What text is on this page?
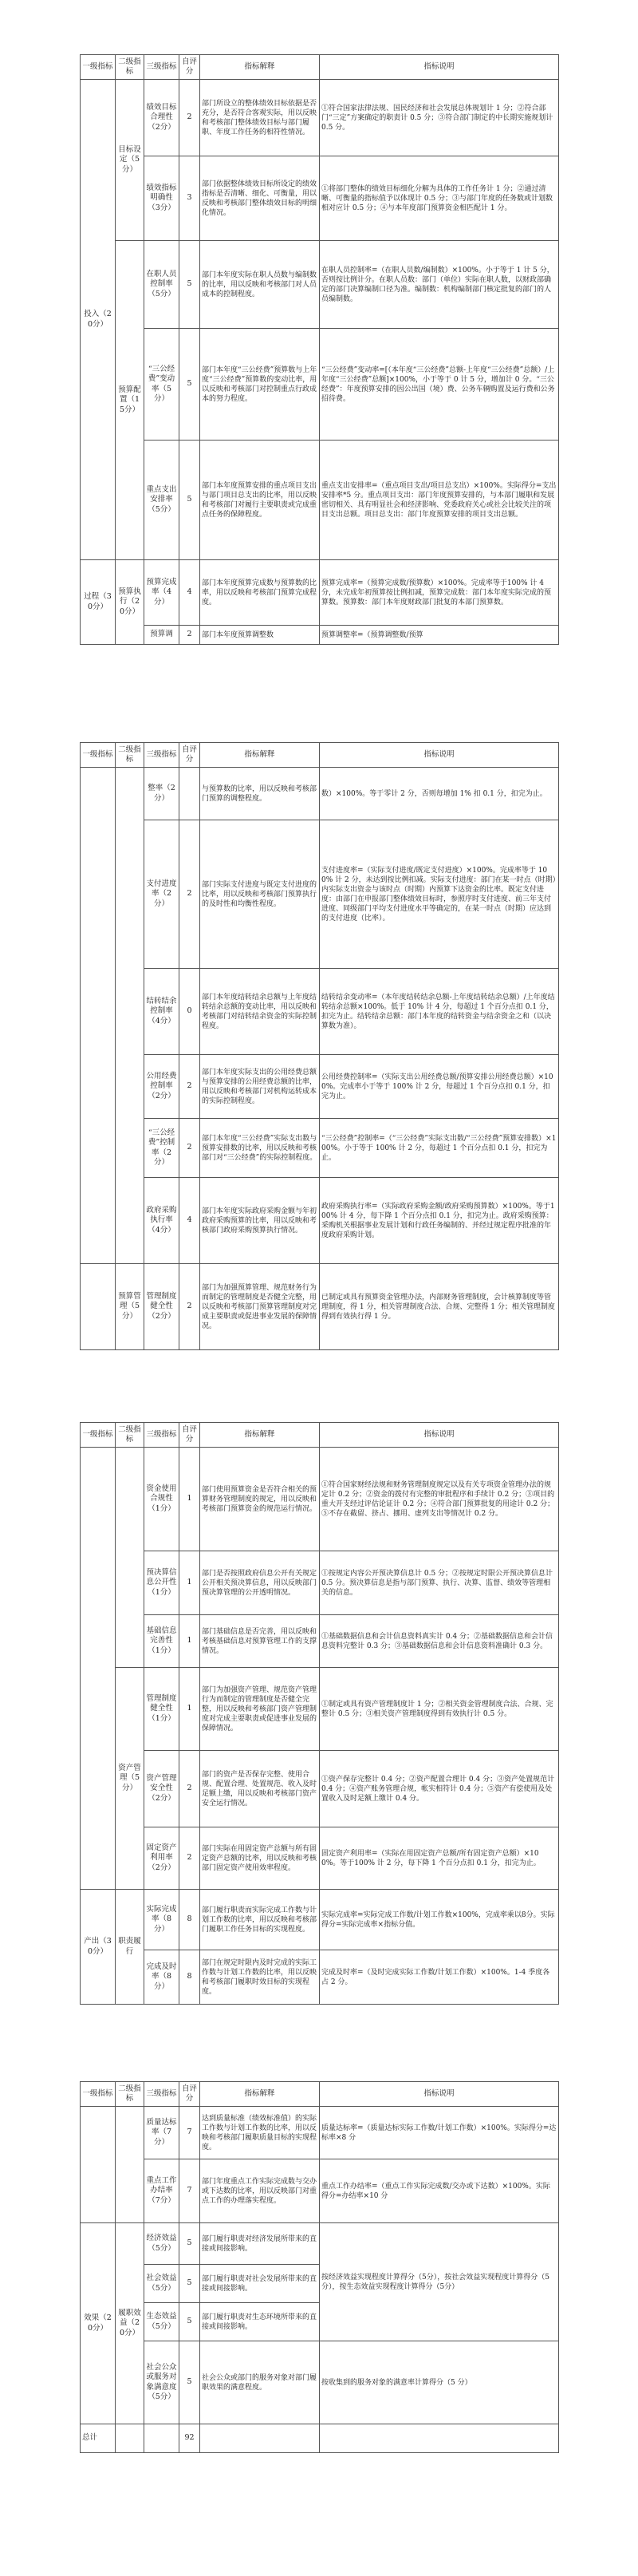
一级指标	二级指标	三级指标	自评分	指标解释	指标说明
投入（20分）	目标设定（5分）	绩效目标合理性（2分）	2	部门所设立的整体绩效目标依据是否充分，是否符合客观实际，用以反映和考核部门整体绩效目标与部门履职、年度工作任务的相符性情况。	①符合国家法律法规、国民经济和社会发展总体规划计 1 分；②符合部门“三定”方案确定的职责计 0.5 分；③符合部门制定的中长期实施规划计 0.5 分。
		绩效指标明确性（3分）	3	部门依据整体绩效目标所设定的绩效指标是否清晰、细化、可衡量，用以反映和考核部门整体绩效目标的明细化情况。	①将部门整体的绩效目标细化分解为具体的工作任务计 1 分；②通过清晰、可衡量的指标值予以体现计 0.5 分；③与部门年度的任务数或计划数相对应计 0.5 分；④与本年度部门预算资金相匹配计 1 分。
	预算配置（15分）	在职人员控制率（5分）	5	部门本年度实际在职人员数与编制数的比率，用以反映和考核部门对人员成本的控制程度。	在职人员控制率=（在职人员数/编制数）×100%。小于等于 1 计 5 分，否则按比例计分。在职人员数：部门（单位）实际在职人数，以财政部确定的部门决算编制口径为准。编制数：机构编制部门核定批复的部门的人员编制数。
		“三公经费”变动率（5分）	5	部门本年度“三公经费”预算数与上年度“三公经费”预算数的变动比率，用以反映和考核部门对控制重点行政成本的努力程度。	“三公经费”变动率=[（本年度“三公经费”总额-上年度“三公经费”总额）/上年度“三公经费”总额]×100%，小于等于 0 计 5 分，增加计 0 分。“三公经费”：年度预算安排的因公出国（境）费、公务车辆购置及运行费和公务招待费。
		重点支出安排率（5分）	5	部门本年度预算安排的重点项目支出与部门项目总支出的比率，用以反映和考核部门对履行主要职责或完成重点任务的保障程度。	重点支出安排率=（重点项目支出/项目总支出）×100%。实际得分=支出安排率*5 分。重点项目支出：部门年度预算安排的，与本部门履职和发展密切相关、具有明显社会和经济影响、党委政府关心或社会比较关注的项目支出总额。项目总支出：部门年度预算安排的项目支出总额。
过程（30分）	预算执行（20分）	预算完成率（4分）	4	部门本年度预算完成数与预算数的比率，用以反映和考核部门预算完成程度。	预算完成率=（预算完成数/预算数）×100%。完成率等于100% 计 4 分，未完成年初预算按比例扣减，预算完成数：部门本年度实际完成的预算数。预算数：部门本年度财政部门批复的本部门预算数。
		预算调	2	部门本年度预算调整数	预算调整率=（预算调整数/预算
一级指标	二级指标	三级指标	自评分	指标解释	指标说明
		整率（2分）		与预算数的比率，用以反映和考核部门预算的调整程度。	数）×100%。等于零计 2 分，否则每增加 1% 扣 0.1 分，扣完为止。
		支付进度率（2分）	2	部门实际支付进度与既定支付进度的比率，用以反映和考核部门预算执行的及时性和均衡性程度。	支付进度率=（实际支付进度/既定支付进度）×100%。完成率等于 100% 计 2 分，未达到按比例扣减。实际支付进度：部门在某一时点（时期）内实际支出资金与该时点（时期）内预算下达资金的比率。既定支付进度：由部门在申报部门整体绩效目标时，参照序时支付进度、前三年支付进度、同级部门平均支付进度水平等确定的，在某一时点（时期）应达到的支付进度（比率）。
		结转结余控制率（4分）	0	部门本年度结转结余总额与上年度结转结余总额的变动比率，用以反映和考核部门对结转结余资金的实际控制程度。	结转结余变动率=（本年度结转结余总额-上年度结转结余总额）/上年度结转结余总额×100%。低于 10% 计 4 分，每超过 1 个百分点扣 0.1 分，扣完为止。结转结余总额：部门本年度的结转资金与结余资金之和（以决算数为准）。
		公用经费控制率（2分）	2	部门本年度实际支出的公用经费总额与预算安排的公用经费总额的比率，用以反映和考核部门对机构运转成本的实际控制程度。	公用经费控制率=（实际支出公用经费总额/预算安排公用经费总额）×100%。完成率小于等于 100% 计 2 分，每超过 1 个百分点扣 0.1 分，扣完为止。
		“三公经费”控制率（2分）	2	部门本年度“三公经费”实际支出数与预算安排数的比率，用以反映和考核部门对“三公经费”的实际控制程度。	“三公经费”控制率=（“三公经费”实际支出数/“三公经费”预算安排数）×100%。小于等于 100% 计 2 分，每超过 1 个百分点扣 0.1 分，扣完为止。
		政府采购执行率（4分）	4	部门本年度实际政府采购金额与年初政府采购预算的比率，用以反映和考核部门政府采购预算执行情况。	政府采购执行率=（实际政府采购金额/政府采购预算数）×100%。等于100% 计 4 分，每下降 1 个百分点扣 0.1 分，扣完为止。政府采购预算：采购机关根据事业发展计划和行政任务编制的、并经过规定程序批准的年度政府采购计划。
	预算管理（5分）	管理制度健全性（2分）	2	部门为加强预算管理、规范财务行为而制定的管理制度是否健全完整，用以反映和考核部门预算管理制度对完成主要职责或促进事业发展的保障情况。	已制定或具有预算资金管理办法，内部财务管理制度，会计核算制度等管理制度，得 1 分，相关管理制度合法、合规、完整得 1 分；相关管理制度得到有效执行得 1 分。
一级指标	二级指标	三级指标	自评分	指标解释	指标说明
		资金使用合规性（1分）	1	部门使用预算资金是否符合相关的预算财务管理制度的规定，用以反映和考核部门预算资金的规范运行情况。	①符合国家财经法规和财务管理制度规定以及有关专项资金管理办法的规定计 0.2 分；②资金的拨付有完整的审批程序和手续计 0.2 分；③项目的重大开支经过评估论证计 0.2 分；④符合部门预算批复的用途计 0.2 分；⑤不存在截留、挤占、挪用、虚列支出等情况计 0.2 分。
		预决算信息公开性（1分）	1	部门是否按照政府信息公开有关规定公开相关预决算信息，用以反映部门预决算管理的公开透明情况。	①按规定内容公开预决算信息计 0.5 分；②按规定时限公开预决算信息计 0.5 分。预决算信息是指与部门预算、执行、决算、监督、绩效等管理相关的信息。
		基础信息完善性（1分）	1	部门基础信息是否完善，用以反映和考核基础信息对预算管理工作的支撑情况。	①基础数据信息和会计信息资料真实计 0.4 分；②基础数据信息和会计信息资料完整计 0.3 分；③基础数据信息和会计信息资料准确计 0.3 分。
	资产管理（5分）	管理制度健全性（1分）	1	部门为加强资产管理、规范资产管理行为而制定的管理制度是否健全完整，用以反映和考核部门资产管理制度对完成主要职责或促进事业发展的保障情况。	①制定或具有资产管理制度计 1 分；②相关资金管理制度合法、合规、完整计 0.5 分；③相关资产管理制度得到有效执行计 0.5 分。
		资产管理安全性（2分）	2	部门的资产是否保存完整、使用合规、配置合理、处置规范、收入及时足额上缴，用以反映和考核部门资产安全运行情况。	①资产保存完整计 0.4 分；②资产配置合理计 0.4 分；③资产处置规范计 0.4 分；④资产账务管理合规，帐实相符计 0.4 分；⑤资产有偿使用及处置收入及时足额上缴计 0.4 分。
		固定资产利用率（2分）	2	部门实际在用固定资产总额与所有固定资产总额的比率，用以反映和考核部门固定资产使用效率程度。	固定资产利用率=（实际在用固定资产总额/所有固定资产总额）×100%。等于100% 计 2 分，每下降 1 个百分点扣 0.1 分，扣完为止。
产出（30分）	职责履行	实际完成率（8分）	8	部门履行职责而实际完成工作数与计划工作数的比率，用以反映和考核部门履职工作任务目标的实现程度。	实际完成率=实际完成工作数/计划工作数×100%，完成率乘以8分。实际得分=实际完成率×指标分值。
		完成及时率（8分）	8	部门在规定时限内及时完成的实际工作数与计划工作数的比率，用以反映和考核部门履职时效目标的实现程度。	完成及时率=（及时完成实际工作数/计划工作数）×100%。1-4 季度各占 2 分。
一级指标	二级指标	三级指标	自评分	指标解释	指标说明
		质量达标率（7分）	7	达到质量标准（绩效标准值）的实际工作数与计划工作数的比率，用以反映和考核部门履职质量目标的实现程度。	质量达标率=（质量达标实际工作数/计划工作数）×100%。实际得分=达标率×8 分
		重点工作办结率（7分）	7	部门年度重点工作实际完成数与交办或下达数的比率，用以反映部门对重点工作的办理落实程度。	重点工作办结率=（重点工作实际完成数/交办或下达数）×100%。实际得分=办结率×10 分
效果（20分）	履职效益（20分）	经济效益（5分）	5	部门履行职责对经济发展所带来的直接或间接影响。	按经济效益实现程度计算得分（5分），按社会效益实现程度计算得分（5分），按生态效益实现程度计算得分（5分）
		社会效益（5分）	5	部门履行职责对社会发展所带来的直接或间接影响。	
		生态效益（5分）	5	部门履行职责对生态环境所带来的直接或间接影响。	
		社会公众或服务对象满意度（5分）	5	社会公众或部门的服务对象对部门履职效果的满意程度。	按收集到的服务对象的满意率计算得分（5 分）
总计			92		
